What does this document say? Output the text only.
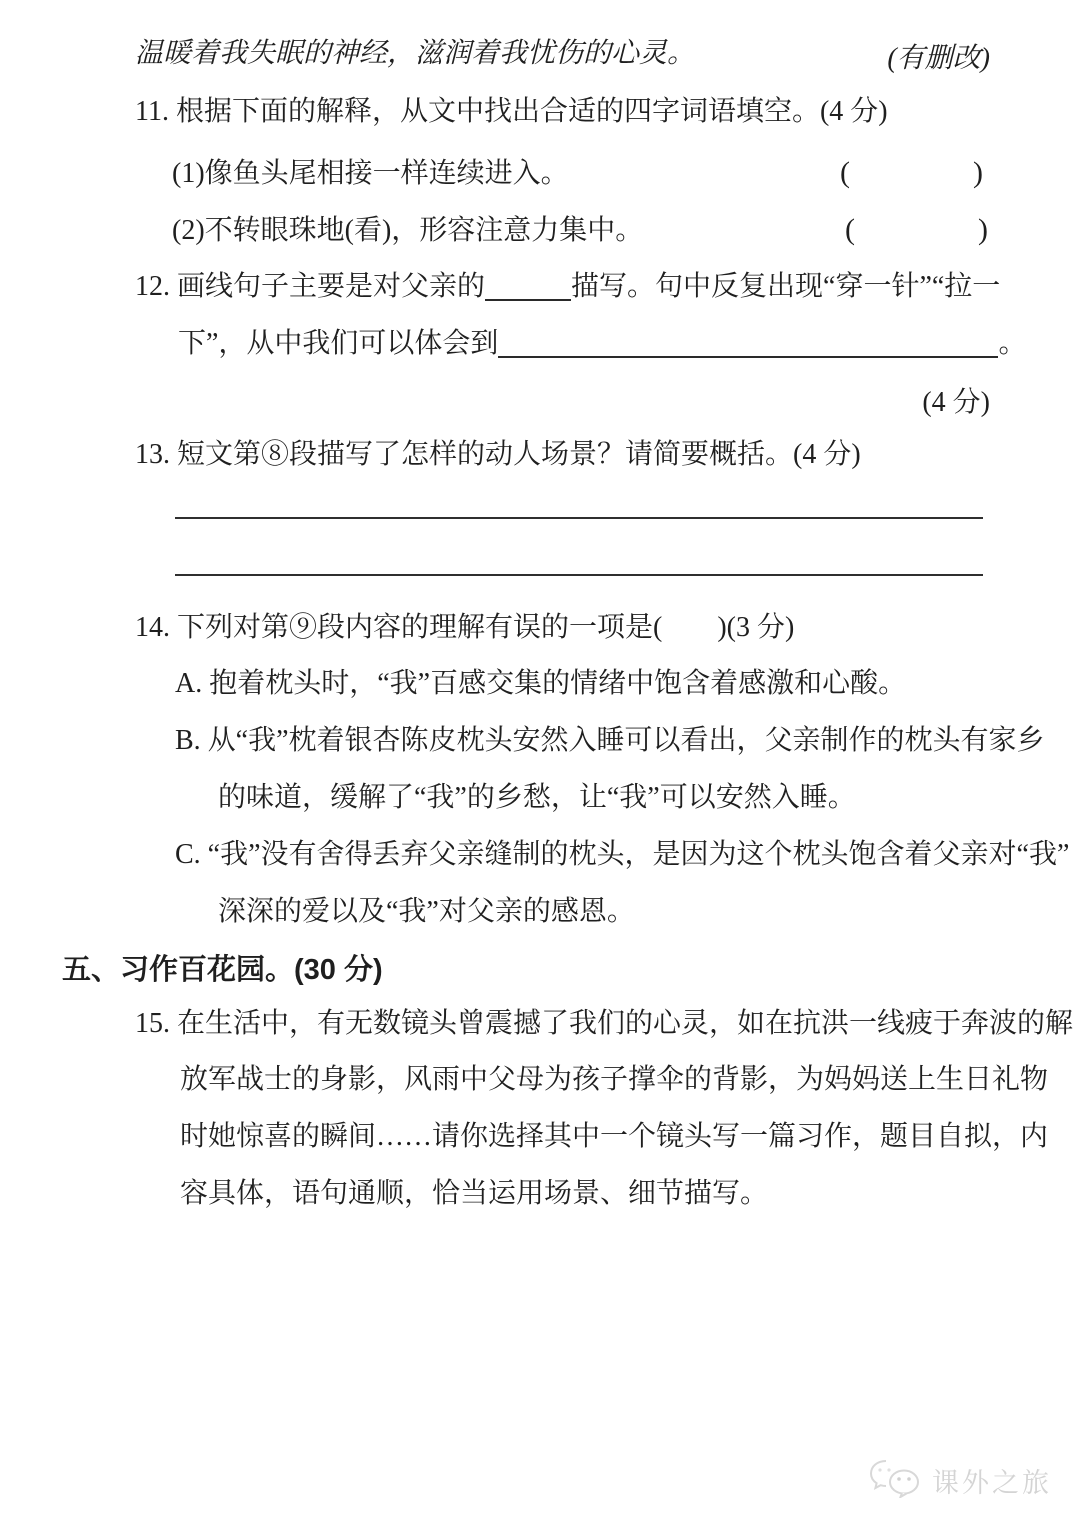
温暖着我失眠的神经，滋润着我忧伤的心灵。	(有删改)
11. 根据下面的解释，从文中找出合适的四字词语填空。(4 分)
(1)像鱼头尾相接一样连续进入。	(	)
(2)不转眼珠地(看)，形容注意力集中。	(	)
12. 画线句子主要是对父亲的	描写。句中反复出现“穿一针”“拉一
下”，从中我们可以体会到	。
(4 分)
13. 短文第⑧段描写了怎样的动人场景？请简要概括。(4 分)
14. 下列对第⑨段内容的理解有误的一项是( )(3 分)
A. 抱着枕头时，“我”百感交集的情绪中饱含着感激和心酸。
B. 从“我”枕着银杏陈皮枕头安然入睡可以看出，父亲制作的枕头有家乡
的味道，缓解了“我”的乡愁，让“我”可以安然入睡。
C. “我”没有舍得丢弃父亲缝制的枕头，是因为这个枕头饱含着父亲对“我”
深深的爱以及“我”对父亲的感恩。
五、习作百花园。(30 分)
15. 在生活中，有无数镜头曾震撼了我们的心灵，如在抗洪一线疲于奔波的解
放军战士的身影，风雨中父母为孩子撑伞的背影，为妈妈送上生日礼物
时她惊喜的瞬间……请你选择其中一个镜头写一篇习作，题目自拟，内
容具体，语句通顺，恰当运用场景、细节描写。
课外之旅
